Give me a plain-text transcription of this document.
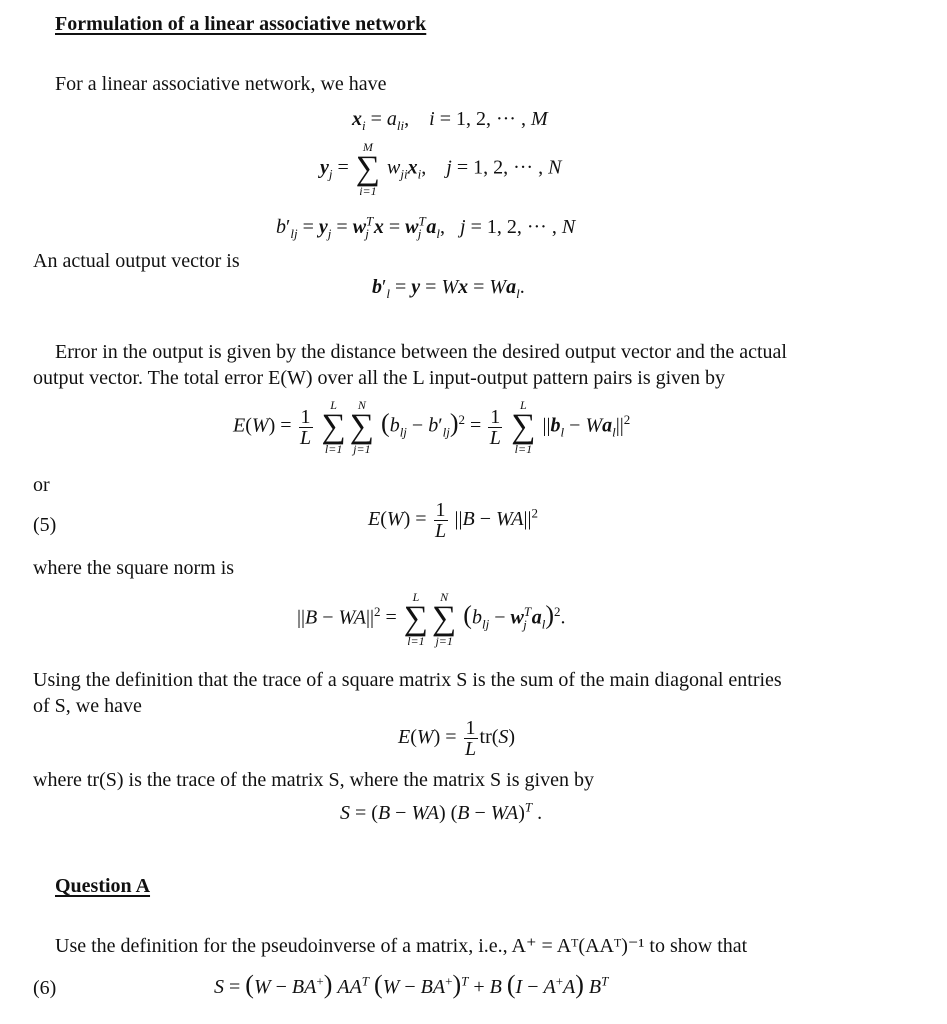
Formulation of a linear associative network
For a linear associative network, we have
$x_i = a_{li}$,    i = 1, 2, ··· , M
$y_j$ =
M
∑
i=1
$w_{ji}x_i$,    j = 1, 2, ··· , N
$b'_{lj} = y_j = w^T_j$ $x = w^T_j$ $a_l$,   j = 1, 2, ··· , N
An actual output vector is
$b'_l = y = Wx = Wa_l$.
Error in the output is given by the distance between the desired output vector and the actual
output vector. The total error E(W) over all the L input-output pattern pairs is given by
$E(W) = \frac{1}{L}$

L
∑
l=1
N
∑
j=1
$(b_{lj} - b'_{lj})^2 = \frac{1}{L}$

L
∑
l=1
$||b_l - Wa_l||^2$
or
(5)	$E(W) = \frac{1}{L} ||B - WA||^2$
where the square norm is
$||B - WA||^2$ =
L
∑
l=1
N
∑
j=1
($b_{lj} - w^T_j$ $a_l)^2$.
Using the definition that the trace of a square matrix S is the sum of the main diagonal entries
of S, we have
$E(W) = \frac{1}{L} tr(S)$
where tr(S) is the trace of the matrix S, where the matrix S is given by
S = (B − WA) (B − WA)$^T$ .
Question A
Use the definition for the pseudoinverse of a matrix, i.e., A⁺ = Aᵀ(AAᵀ)⁻¹ to show that
(6)	S = (W − BA+) $AA^T$ $(W - BA^+)^T + B$ (I − A+A) $B^T$
